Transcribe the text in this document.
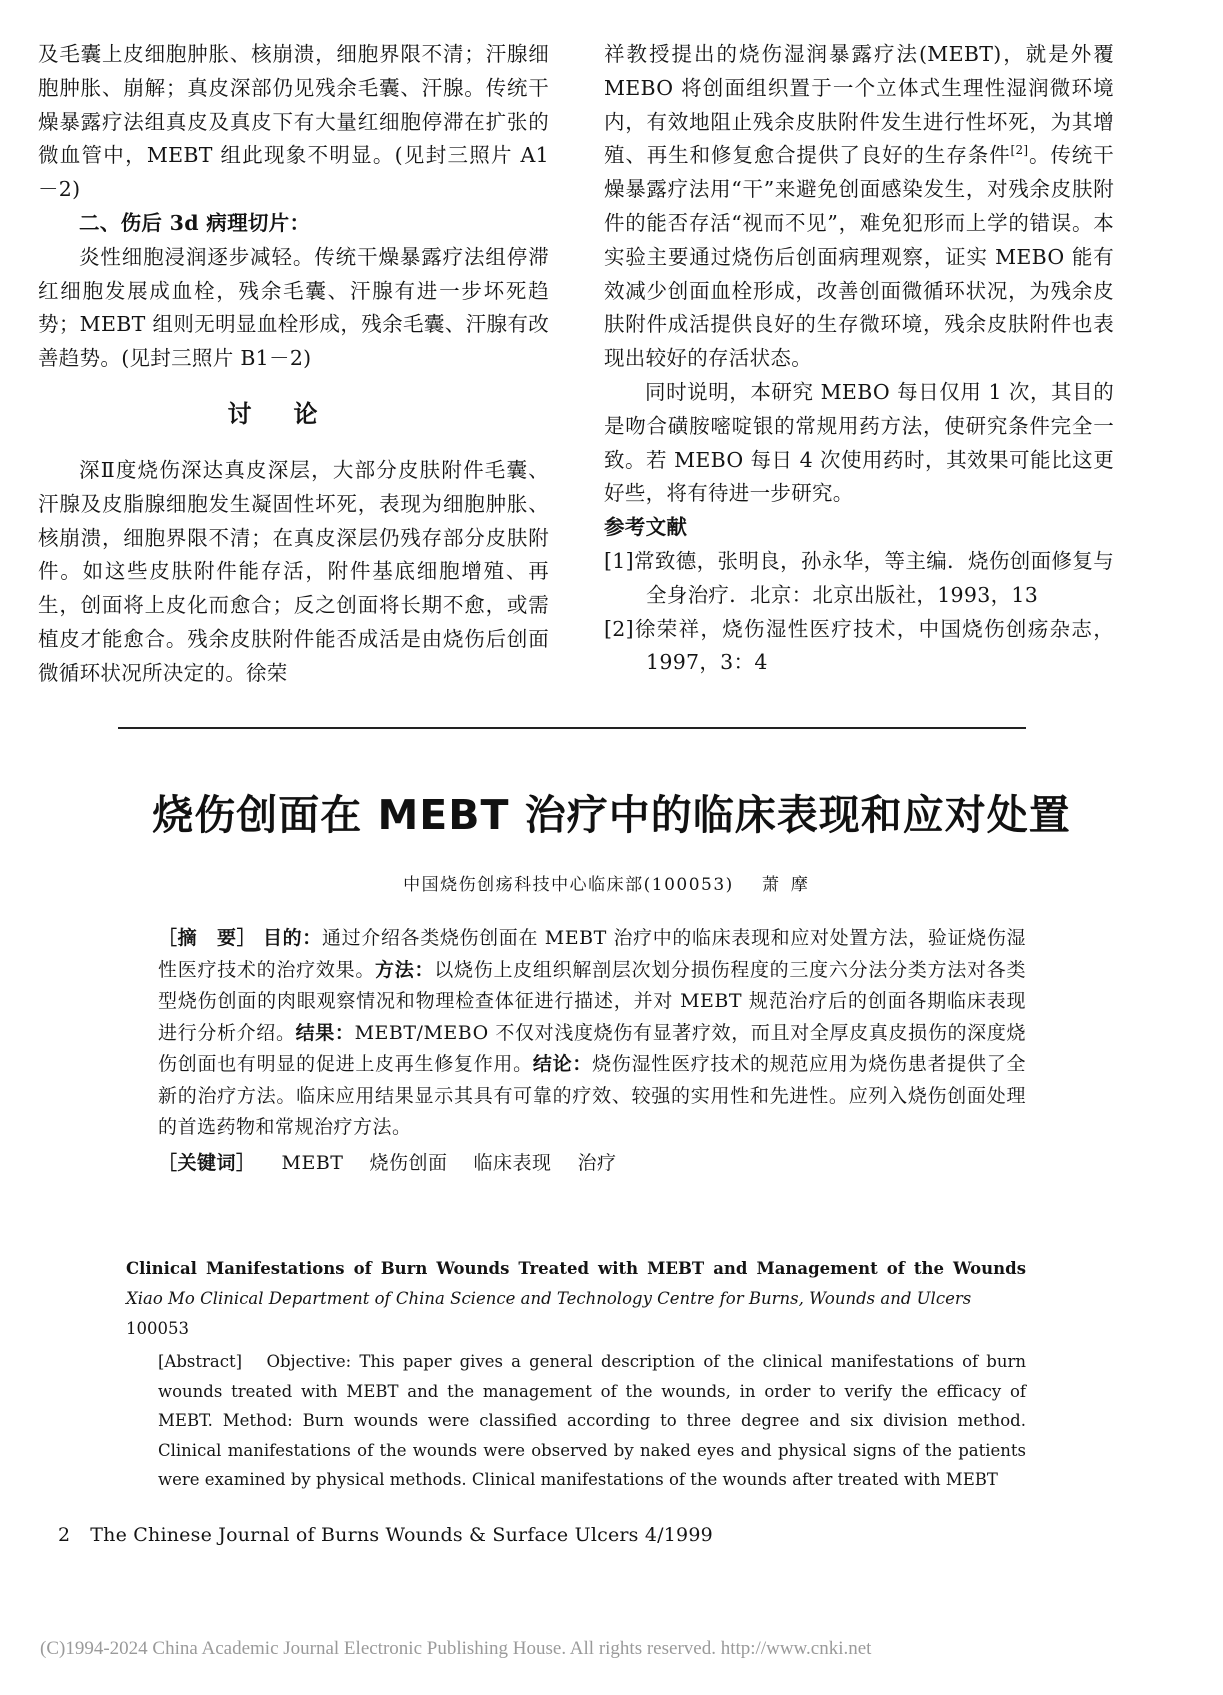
及毛囊上皮细胞肿胀、核崩溃，细胞界限不清；汗腺细胞肿胀、崩解；真皮深部仍见残余毛囊、汗腺。传统干燥暴露疗法组真皮及真皮下有大量红细胞停滞在扩张的微血管中，MEBT 组此现象不明显。(见封三照片 A1－2)

二、伤后 3d 病理切片：

炎性细胞浸润逐步减轻。传统干燥暴露疗法组停滞红细胞发展成血栓，残余毛囊、汗腺有进一步坏死趋势；MEBT 组则无明显血栓形成，残余毛囊、汗腺有改善趋势。(见封三照片 B1－2)

讨论

深Ⅱ度烧伤深达真皮深层，大部分皮肤附件毛囊、汗腺及皮脂腺细胞发生凝固性坏死，表现为细胞肿胀、核崩溃，细胞界限不清；在真皮深层仍残存部分皮肤附件。如这些皮肤附件能存活，附件基底细胞增殖、再生，创面将上皮化而愈合；反之创面将长期不愈，或需植皮才能愈合。残余皮肤附件能否成活是由烧伤后创面微循环状况所决定的。徐荣

祥教授提出的烧伤湿润暴露疗法(MEBT)，就是外覆 MEBO 将创面组织置于一个立体式生理性湿润微环境内，有效地阻止残余皮肤附件发生进行性坏死，为其增殖、再生和修复愈合提供了良好的生存条件[2]。传统干燥暴露疗法用“干”来避免创面感染发生，对残余皮肤附件的能否存活“视而不见”，难免犯形而上学的错误。本实验主要通过烧伤后创面病理观察，证实 MEBO 能有效减少创面血栓形成，改善创面微循环状况，为残余皮肤附件成活提供良好的生存微环境，残余皮肤附件也表现出较好的存活状态。

同时说明，本研究 MEBO 每日仅用 1 次，其目的是吻合磺胺嘧啶银的常规用药方法，使研究条件完全一致。若 MEBO 每日 4 次使用药时，其效果可能比这更好些，将有待进一步研究。

参考文献

[1]常致德，张明良，孙永华，等主编．烧伤创面修复与全身治疗．北京：北京出版社，1993，13
[2]徐荣祥，烧伤湿性医疗技术，中国烧伤创疡杂志，1997，3：4
烧伤创面在 MEBT 治疗中的临床表现和应对处置
中国烧伤创疡科技中心临床部(100053) 萧摩

［摘　要］ 目的：通过介绍各类烧伤创面在 MEBT 治疗中的临床表现和应对处置方法，验证烧伤湿性医疗技术的治疗效果。方法：以烧伤上皮组织解剖层次划分损伤程度的三度六分法分类方法对各类型烧伤创面的肉眼观察情况和物理检查体征进行描述，并对 MEBT 规范治疗后的创面各期临床表现进行分析介绍。结果：MEBT/MEBO 不仅对浅度烧伤有显著疗效，而且对全厚皮真皮损伤的深度烧伤创面也有明显的促进上皮再生修复作用。结论：烧伤湿性医疗技术的规范应用为烧伤患者提供了全新的治疗方法。临床应用结果显示其具有可靠的疗效、较强的实用性和先进性。应列入烧伤创面处理的首选药物和常规治疗方法。

［关键词］ MEBT 烧伤创面 临床表现 治疗

Clinical Manifestations of Burn Wounds Treated with MEBT and Management of the Wounds Xiao Mo Clinical Department of China Science and Technology Centre for Burns, Wounds and Ulcers
100053

[Abstract] Objective: This paper gives a general description of the clinical manifestations of burn wounds treated with MEBT and the management of the wounds, in order to verify the efficacy of MEBT. Method: Burn wounds were classified according to three degree and six division method. Clinical manifestations of the wounds were observed by naked eyes and physical signs of the patients were examined by physical methods. Clinical manifestations of the wounds after treated with MEBT

2 The Chinese Journal of Burns Wounds & Surface Ulcers 4/1999
(C)1994-2024 China Academic Journal Electronic Publishing House. All rights reserved. http://www.cnki.net
